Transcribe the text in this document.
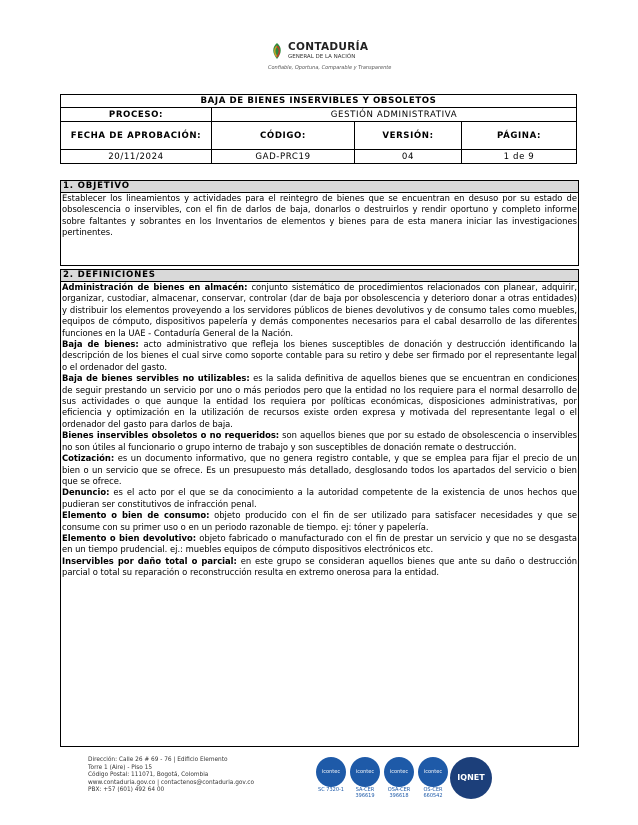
CONTADURÍA
GENERAL DE LA NACIÓN
Confiable, Oportuna, Comparable y Transparente
BAJA DE BIENES INSERVIBLES Y OBSOLETOS			
PROCESO:	GESTIÓN ADMINISTRATIVA		
FECHA DE APROBACIÓN:	CÓDIGO:	VERSIÓN:	PÁGINA:
20/11/2024	GAD-PRC19	04	1 de 9
1. OBJETIVO

Establecer los lineamientos y actividades para el reintegro de bienes que se encuentran en desuso por su estado de obsolescencia o inservibles, con el fin de darlos de baja, donarlos o destruirlos y rendir oportuno y completo informe sobre faltantes y sobrantes en los Inventarios de elementos y bienes para de esta manera iniciar las investigaciones pertinentes.

2. DEFINICIONES

Administración de bienes en almacén: conjunto sistemático de procedimientos relacionados con planear, adquirir, organizar, custodiar, almacenar, conservar, controlar (dar de baja por obsolescencia y deterioro donar a otras entidades) y distribuir los elementos proveyendo a los servidores públicos de bienes devolutivos y de consumo tales como muebles, equipos de cómputo, dispositivos papelería y demás componentes necesarios para el cabal desarrollo de las diferentes funciones en la UAE - Contaduría General de la Nación.

Baja de bienes: acto administrativo que refleja los bienes susceptibles de donación y destrucción identificando la descripción de los bienes el cual sirve como soporte contable para su retiro y debe ser firmado por el representante legal o el ordenador del gasto.

Baja de bienes servibles no utilizables: es la salida definitiva de aquellos bienes que se encuentran en condiciones de seguir prestando un servicio por uno o más periodos pero que la entidad no los requiere para el normal desarrollo de sus actividades o que aunque la entidad los requiera por políticas económicas, disposiciones administrativas, por eficiencia y optimización en la utilización de recursos existe orden expresa y motivada del representante legal o el ordenador del gasto para darlos de baja.

Bienes inservibles obsoletos o no requeridos: son aquellos bienes que por su estado de obsolescencia o inservibles no son útiles al funcionario o grupo interno de trabajo y son susceptibles de donación remate o destrucción.

Cotización: es un documento informativo, que no genera registro contable, y que se emplea para fijar el precio de un bien o un servicio que se ofrece. Es un presupuesto más detallado, desglosando todos los apartados del servicio o bien que se ofrece.

Denuncio: es el acto por el que se da conocimiento a la autoridad competente de la existencia de unos hechos que pudieran ser constitutivos de infracción penal.

Elemento o bien de consumo: objeto producido con el fin de ser utilizado para satisfacer necesidades y que se consume con su primer uso o en un periodo razonable de tiempo. ej: tóner y papelería.

Elemento o bien devolutivo: objeto fabricado o manufacturado con el fin de prestar un servicio y que no se desgasta en un tiempo prudencial. ej.: muebles equipos de cómputo dispositivos electrónicos etc.

Inservibles por daño total o parcial: en este grupo se consideran aquellos bienes que ante su daño o destrucción parcial o total su reparación o reconstrucción resulta en extremo onerosa para la entidad.

Dirección: Calle 26 # 69 - 76 | Edificio Elemento
Torre 1 (Aire) - Piso 15
Código Postal: 111071, Bogotá, Colombia
www.contaduria.gov.co | contactenos@contaduria.gov.co
PBX: +57 (601) 492 64 00
icontec
SC 7320-1
icontec
SA-CER 396619
icontec
OSA-CER 396618
icontec
OS-CER 660542
IQNET
